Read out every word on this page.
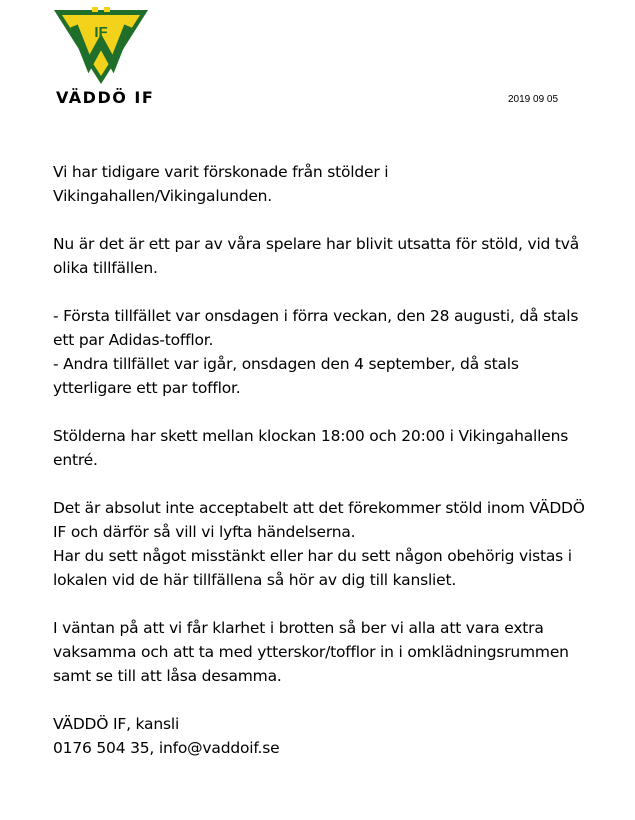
IF
VÄDDÖ IF	2019 09 05

Vi har tidigare varit förskonade från stölder i
Vikingahallen/Vikingalunden.

Nu är det är ett par av våra spelare har blivit utsatta för stöld, vid två
olika tillfällen.

- Första tillfället var onsdagen i förra veckan, den 28 augusti, då stals
ett par Adidas-tofflor.
- Andra tillfället var igår, onsdagen den 4 september, då stals
ytterligare ett par tofflor.

Stölderna har skett mellan klockan 18:00 och 20:00 i Vikingahallens
entré.

Det är absolut inte acceptabelt att det förekommer stöld inom VÄDDÖ
IF och därför så vill vi lyfta händelserna.
Har du sett något misstänkt eller har du sett någon obehörig vistas i
lokalen vid de här tillfällena så hör av dig till kansliet.

I väntan på att vi får klarhet i brotten så ber vi alla att vara extra
vaksamma och att ta med ytterskor/tofflor in i omklädningsrummen
samt se till att låsa desamma.

VÄDDÖ IF, kansli
0176 504 35, info@vaddoif.se
